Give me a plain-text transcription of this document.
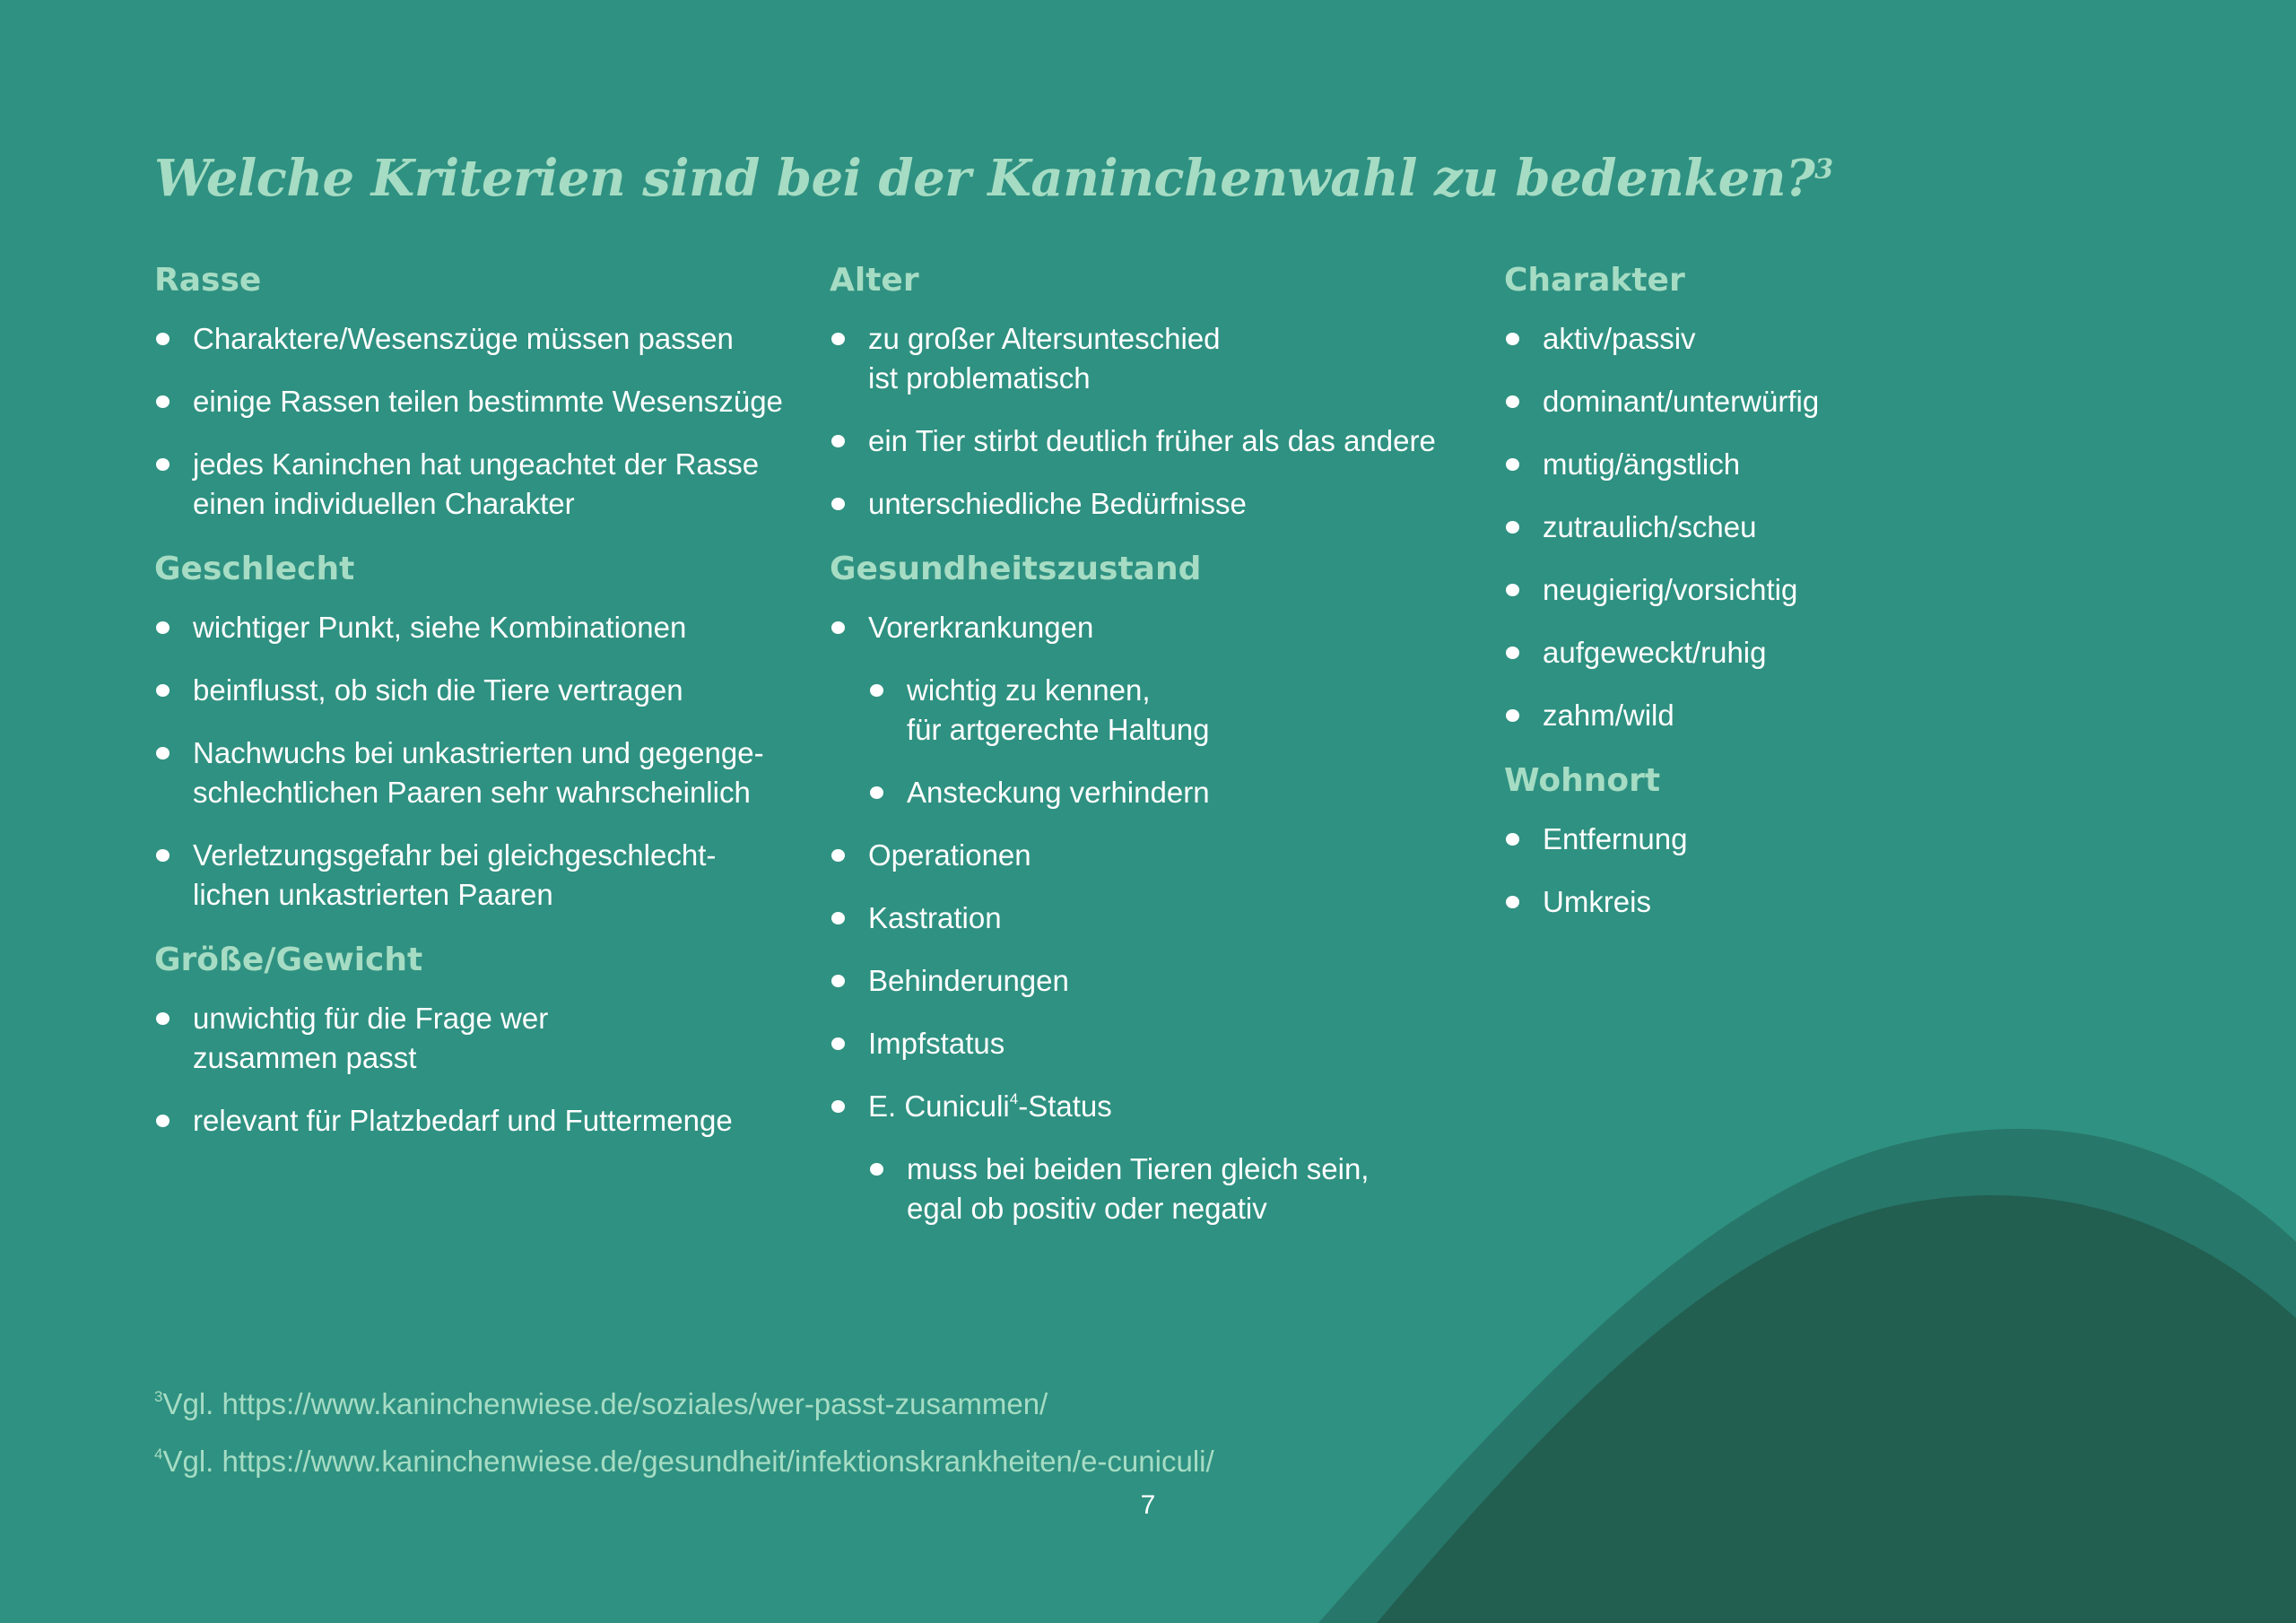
Welche Kriterien sind bei der Kaninchenwahl zu bedenken?$^3$
Rasse
Charaktere/Wesenszüge müssen passen
einige Rassen teilen bestimmte Wesenszüge
jedes Kaninchen hat ungeachtet der Rasse
einen individuellen Charakter
Geschlecht
wichtiger Punkt, siehe Kombinationen
beinflusst, ob sich die Tiere vertragen
Nachwuchs bei unkastrierten und gegenge-
schlechtlichen Paaren sehr wahrscheinlich
Verletzungsgefahr bei gleichgeschlecht-
lichen unkastrierten Paaren
Größe/Gewicht
unwichtig für die Frage wer
zusammen passt
relevant für Platzbedarf und Futtermenge
Alter
zu großer Altersunteschied
ist problematisch
ein Tier stirbt deutlich früher als das andere
unterschiedliche Bedürfnisse
Gesundheitszustand
Vorerkrankungen
wichtig zu kennen,
für artgerechte Haltung
Ansteckung verhindern
Operationen
Kastration
Behinderungen
Impfstatus
E. Cuniculi$^4$-Status
muss bei beiden Tieren gleich sein,
egal ob positiv oder negativ
Charakter
aktiv/passiv
dominant/unterwürfig
mutig/ängstlich
zutraulich/scheu
neugierig/vorsichtig
aufgeweckt/ruhig
zahm/wild
Wohnort
Entfernung
Umkreis
$^3$Vgl. https://www.kaninchenwiese.de/soziales/wer-passt-zusammen/
$^4$Vgl. https://www.kaninchenwiese.de/gesundheit/infektionskrankheiten/e-cuniculi/
7
